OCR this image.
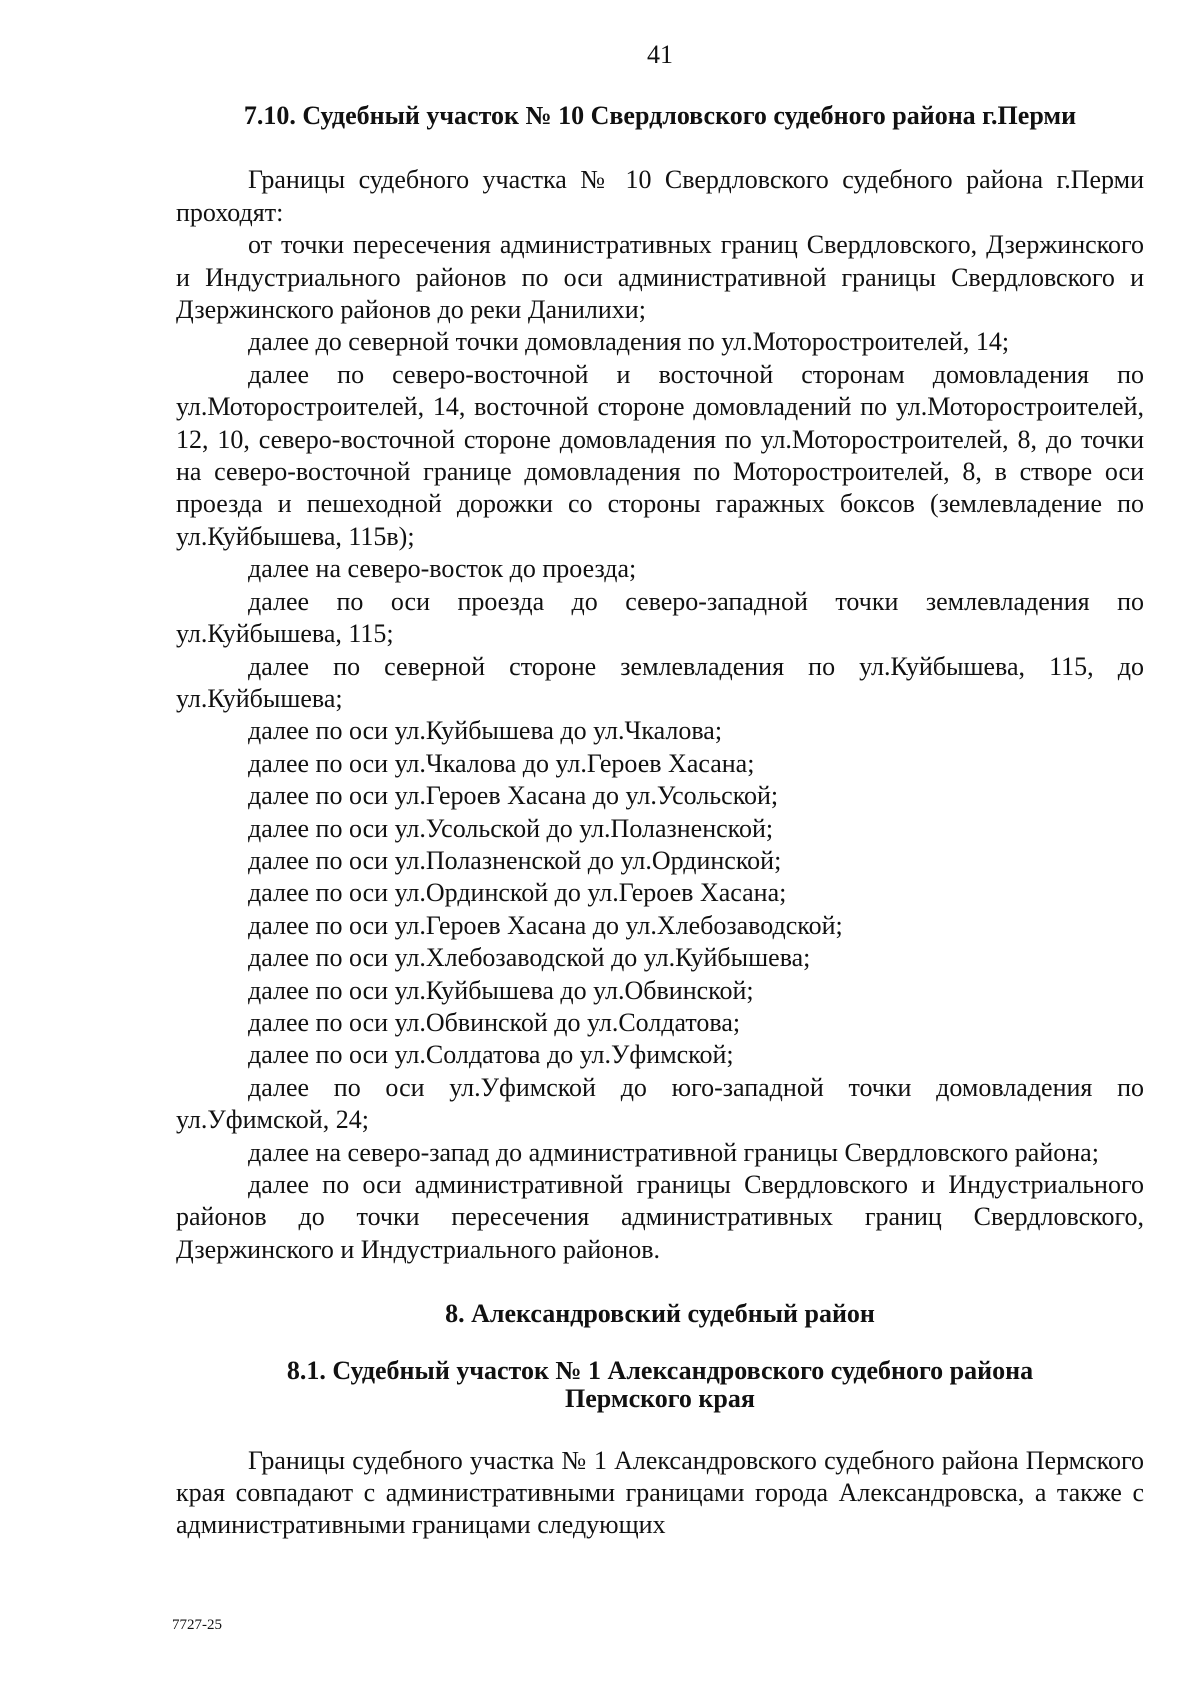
41
7.10. Судебный участок № 10 Свердловского судебного района г.Перми

Границы судебного участка № 10 Свердловского судебного района г.Перми проходят:

от точки пересечения административных границ Свердловского, Дзержинского и Индустриального районов по оси административной границы Свердловского и Дзержинского районов до реки Данилихи;

далее до северной точки домовладения по ул.Моторостроителей, 14;

далее по северо-восточной и восточной сторонам домовладения по ул.Моторостроителей, 14, восточной стороне домовладений по ул.Моторостроителей, 12, 10, северо-восточной стороне домовладения по ул.Моторостроителей, 8, до точки на северо-восточной границе домовладения по Моторостроителей, 8, в створе оси проезда и пешеходной дорожки со стороны гаражных боксов (землевладение по ул.Куйбышева, 115в);

далее на северо-восток до проезда;

далее по оси проезда до северо-западной точки землевладения по ул.Куйбышева, 115;

далее по северной стороне землевладения по ул.Куйбышева, 115, до ул.Куйбышева;

далее по оси ул.Куйбышева до ул.Чкалова;

далее по оси ул.Чкалова до ул.Героев Хасана;

далее по оси ул.Героев Хасана до ул.Усольской;

далее по оси ул.Усольской до ул.Полазненской;

далее по оси ул.Полазненской до ул.Ординской;

далее по оси ул.Ординской до ул.Героев Хасана;

далее по оси ул.Героев Хасана до ул.Хлебозаводской;

далее по оси ул.Хлебозаводской до ул.Куйбышева;

далее по оси ул.Куйбышева до ул.Обвинской;

далее по оси ул.Обвинской до ул.Солдатова;

далее по оси ул.Солдатова до ул.Уфимской;

далее по оси ул.Уфимской до юго-западной точки домовладения по ул.Уфимской, 24;

далее на северо-запад до административной границы Свердловского района;

далее по оси административной границы Свердловского и Индустриального районов до точки пересечения административных границ Свердловского, Дзержинского и Индустриального районов.

8. Александровский судебный район
8.1. Судебный участок № 1 Александровского судебного района
Пермского края

Границы судебного участка № 1 Александровского судебного района Пермского края совпадают с административными границами города Александровска, а также с административными границами следующих

7727-25
